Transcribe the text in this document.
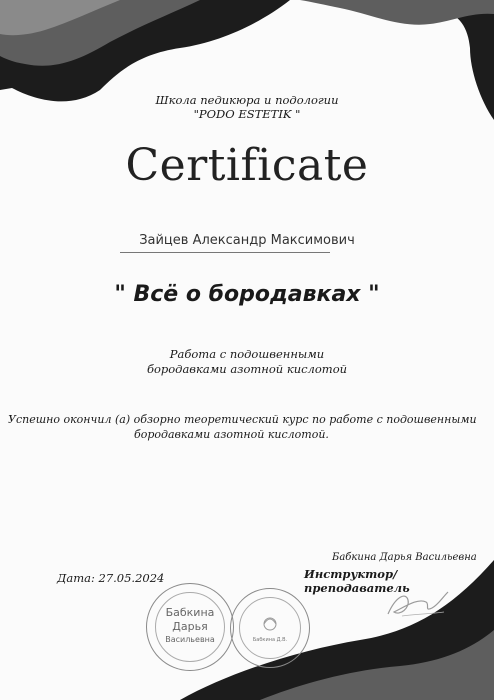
Школа педикюра и подологии
"PODO ESTETIK "
Certificate
Зайцев Александр Максимович
" Всё о бородавках "
Работа с подошвенными
бородавками азотной кислотой
Успешно окончил (а) обзорно теоретический курс по работе с подошвенными
бородавками азотной кислотой.
Бабкина Дарья Васильевна
Инструктор/преподаватель
Дата: 27.05.2024
Бабкина
Дарья
Васильевна	Бабкина Д.В.
